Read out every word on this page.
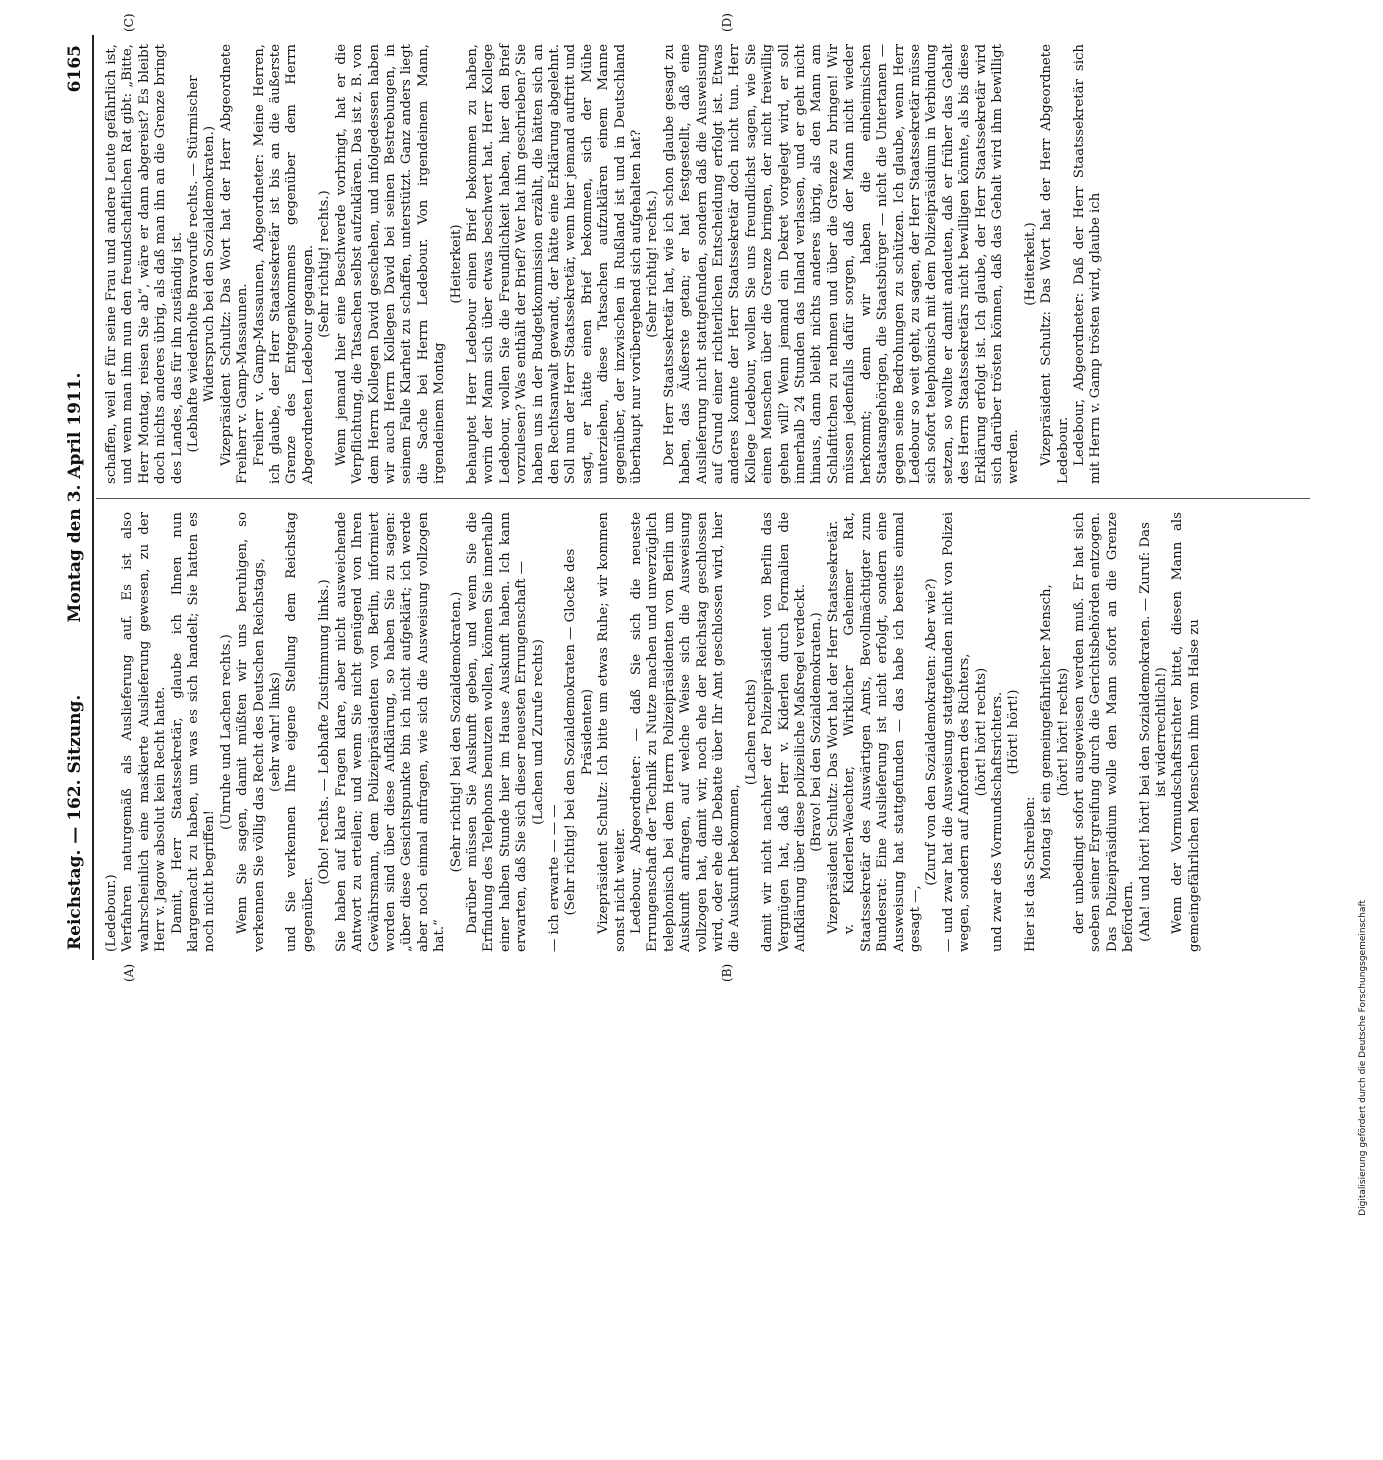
Reichstag. — 162. Sitzung.
Montag den 3. April 1911.
6165
(A)	(B)
(C)	(D)

(Ledebour.) Verfahren naturgemäß als Auslieferung auf. Es ist also wahrscheinlich eine maskierte Auslieferung gewesen, zu der Herr v. Jagow absolut kein Recht hatte. Damit, Herr Staatssekretär, glaube ich Ihnen nun klargemacht zu haben, um was es sich handelt; Sie hatten es noch nicht begriffen!

(Unruhe und Lachen rechts.) Wenn Sie sagen, damit müßten wir uns beruhigen, so verkennen Sie völlig das Recht des Deutschen Reichstags, (sehr wahr! links) und Sie verkennen Ihre eigene Stellung dem Reichstag gegenüber.

(Oho! rechts. — Lebhafte Zustimmung links.) Sie haben auf klare Fragen klare, aber nicht ausweichende Antwort zu erteilen; und wenn Sie nicht genügend von Ihren Gewährsmann, dem Polizeipräsidenten von Berlin, informiert worden sind über diese Aufklärung, so haben Sie zu sagen: „über diese Gesichtspunkte bin ich nicht aufgeklärt; ich werde aber noch einmal anfragen, wie sich die Ausweisung vollzogen hat.“

(Sehr richtig! bei den Sozialdemokraten.) Darüber müssen Sie Auskunft geben, und wenn Sie die Erfindung des Telephons benutzen wollen, können Sie innerhalb einer halben Stunde hier im Hause Auskunft haben. Ich kann erwarten, daß Sie sich dieser neuesten Errungenschaft — (Lachen und Zurufe rechts)

— ich erwarte — — — (Sehr richtig! bei den Sozialdemokraten — Glocke des Präsidenten) Vizepräsident Schultz: Ich bitte um etwas Ruhe; wir kommen sonst nicht weiter. Ledebour, Abgeordneter: — daß Sie sich die neueste Errungenschaft der Technik zu Nutze machen und unverzüglich telephonisch bei dem Herrn Polizeipräsidenten von Berlin um Auskunft anfragen, auf welche Weise sich die Ausweisung vollzogen hat, damit wir, noch ehe der Reichstag geschlossen wird, oder ehe die Debatte über Ihr Amt geschlossen wird, hier die Auskunft bekommen,

(Lachen rechts) damit wir nicht nachher der Polizeipräsident von Berlin das Vergnügen hat, daß Herr v. Kiderlen durch Formalien die Aufklärung über diese polizeiliche Maßregel verdeckt. (Bravo! bei den Sozialdemokraten.) Vizepräsident Schultz: Das Wort hat der Herr Staatssekretär. v. Kiderlen-Waechter, Wirklicher Geheimer Rat, Staatssekretär des Auswärtigen Amts, Bevollmächtigter zum Bundesrat: Eine Auslieferung ist nicht erfolgt, sondern eine Ausweisung hat stattgefunden — das habe ich bereits einmal gesagt —,

(Zuruf von den Sozialdemokraten: Aber wie?) — und zwar hat die Ausweisung stattgefunden nicht von Polizei wegen, sondern auf Anfordern des Richters, (hört! hört! rechts) und zwar des Vormundschaftsrichters. (Hört! hört!)

Hier ist das Schreiben: Montag ist ein gemeingefährlicher Mensch, (hört! hört! rechts) der unbedingt sofort ausgewiesen werden muß. Er hat sich soeben seiner Ergreifung durch die Gerichtsbehörden entzogen. Das Polizeipräsidium wolle den Mann sofort an die Grenze befördern. (Aha! und hört! hört! bei den Sozialdemokraten. — Zuruf: Das ist widerrechtlich!) Wenn der Vormundschaftsrichter bittet, diesen Mann als gemeingefährlichen Menschen ihm vom Halse zu

schaffen, weil er für seine Frau und andere Leute gefährlich ist, und wenn man ihm nun den freundschaftlichen Rat gibt: „Bitte, Herr Montag, reisen Sie ab“, wäre er dann abgereist? Es bleibt doch nichts anderes übrig, als daß man ihn an die Grenze bringt des Landes, das für ihn zuständig ist. (Lebhafte wiederholte Bravorufe rechts. — Stürmischer Widerspruch bei den Sozialdemokraten.) Vizepräsident Schultz: Das Wort hat der Herr Abgeordnete Freiherr v. Gamp-Massaunen. Freiherr v. Gamp-Massaunen, Abgeordneter: Meine Herren, ich glaube, der Herr Staatssekretär ist bis an die äußerste Grenze des Entgegenkommens gegenüber dem Herrn Abgeordneten Ledebour gegangen. (Sehr richtig! rechts.) Wenn jemand hier eine Beschwerde vorbringt, hat er die Verpflichtung, die Tatsachen selbst aufzuklären. Das ist z. B. von dem Herrn Kollegen David geschehen, und infolgedessen haben wir auch Herrn Kollegen David bei seinen Bestrebungen, in seinem Falle Klarheit zu schaffen, unterstützt. Ganz anders liegt die Sache bei Herrn Ledebour. Von irgendeinem Mann, irgendeinem Montag

(Heiterkeit) behauptet Herr Ledebour einen Brief bekommen zu haben, worin der Mann sich über etwas beschwert hat. Herr Kollege Ledebour, wollen Sie die Freundlichkeit haben, hier den Brief vorzulesen? Was enthält der Brief? Wer hat ihn geschrieben? Sie haben uns in der Budgetkommission erzählt, die hätten sich an den Rechtsanwalt gewandt, der hätte eine Erklärung abgelehnt. Soll nun der Herr Staatssekretär, wenn hier jemand auftritt und sagt, er hätte einen Brief bekommen, sich der Mühe unterziehen, diese Tatsachen aufzuklären einem Manne gegenüber, der inzwischen in Rußland ist und in Deutschland überhaupt nur vorübergehend sich aufgehalten hat? (Sehr richtig! rechts.) Der Herr Staatssekretär hat, wie ich schon glaube gesagt zu haben, das Äußerste getan; er hat festgestellt, daß eine Auslieferung nicht stattgefunden, sondern daß die Ausweisung auf Grund einer richterlichen Entscheidung erfolgt ist. Etwas anderes konnte der Herr Staatssekretär doch nicht tun. Herr Kollege Ledebour, wollen Sie uns freundlichst sagen, wie Sie einen Menschen über die Grenze bringen, der nicht freiwillig gehen will? Wenn jemand ein Dekret vorgelegt wird, er soll innerhalb 24 Stunden das Inland verlassen, und er geht nicht hinaus, dann bleibt nichts anderes übrig, als den Mann am Schlafittchen zu nehmen und über die Grenze zu bringen! Wir müssen jedenfalls dafür sorgen, daß der Mann nicht wieder herkommt; denn wir haben die einheimischen Staatsangehörigen, die Staatsbürger — nicht die Untertanen — gegen seine Bedrohungen zu schützen. Ich glaube, wenn Herr Ledebour so weit geht, zu sagen, der Herr Staatssekretär müsse sich sofort telephonisch mit dem Polizeipräsidium in Verbindung setzen, so wollte er damit andeuten, daß er früher das Gehalt des Herrn Staatssekretärs nicht bewilligen könnte, als bis diese Erklärung erfolgt ist. Ich glaube, der Herr Staatssekretär wird sich darüber trösten können, daß das Gehalt wird ihm bewilligt werden.

(Heiterkeit.) Vizepräsident Schultz: Das Wort hat der Herr Abgeordnete Ledebour. Ledebour, Abgeordneter: Daß der Herr Staatssekretär sich mit Herrn v. Gamp trösten wird, glaube ich

Digitalisierung gefördert durch die Deutsche Forschungsgemeinschaft
